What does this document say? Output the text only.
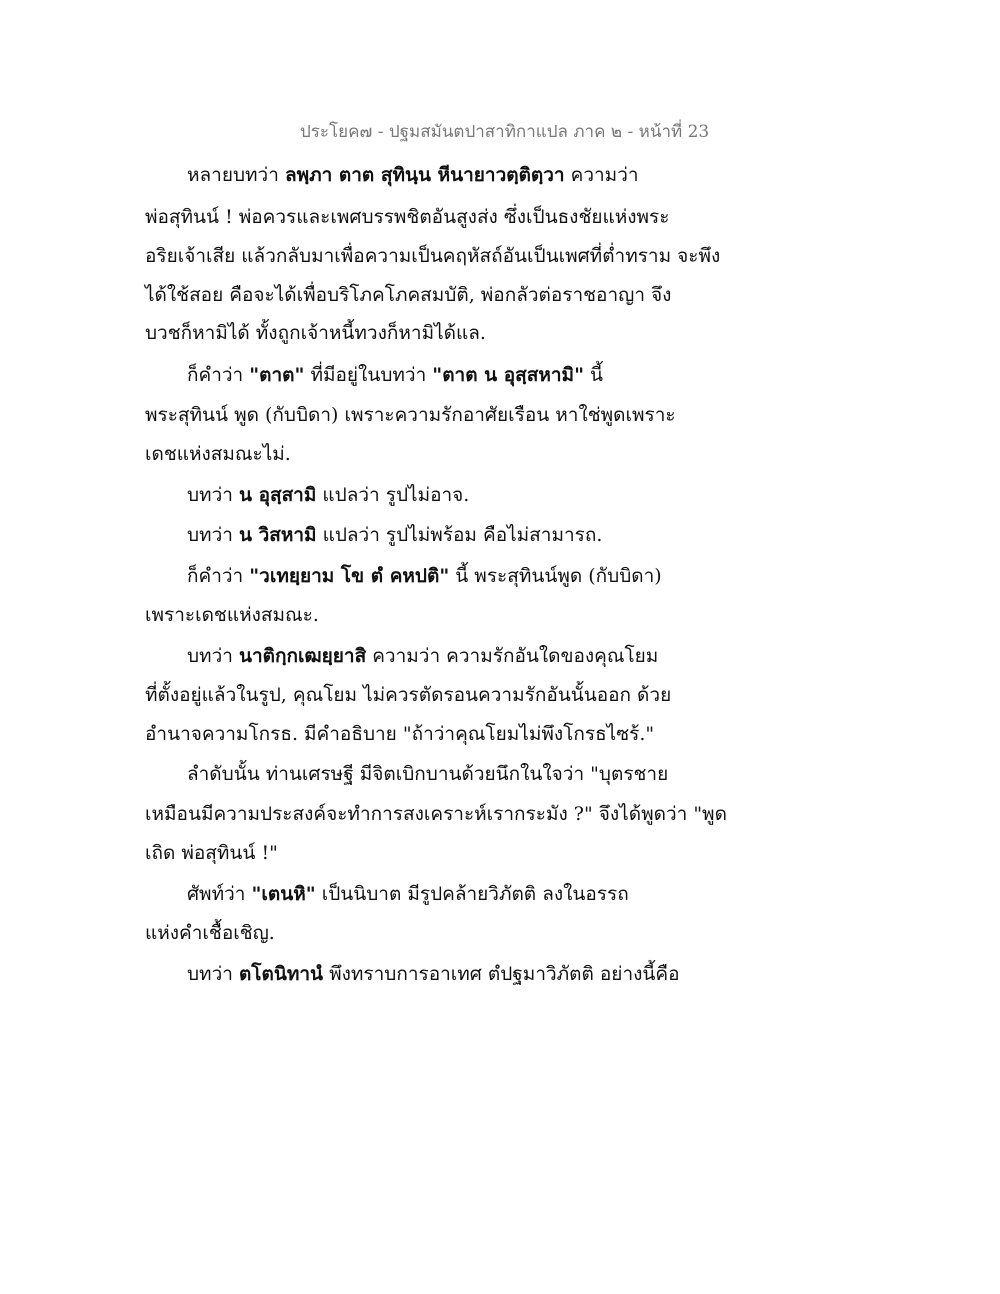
ประโยค๗ - ปฐมสมันตปาสาทิกาแปล ภาค ๒ - หน้าที่ 23
หลายบทว่า ลพฺภา ตาต สุทินฺน หีนายาวตฺติตฺวา ความว่า
พ่อสุทินน์ ! พ่อควรและเพศบรรพชิตอันสูงส่ง ซึ่งเป็นธงชัยแห่งพระ
อริยเจ้าเสีย แล้วกลับมาเพื่อความเป็นคฤหัสถ์อันเป็นเพศที่ต่ำทราม จะพึง
ได้ใช้สอย คือจะได้เพื่อบริโภคโภคสมบัติ, พ่อกลัวต่อราชอาญา จึง
บวชก็หามิได้ ทั้งถูกเจ้าหนี้ทวงก็หามิได้แล.
ก็คำว่า "ตาต" ที่มีอยู่ในบทว่า "ตาต น อุสฺสหามิ" นี้
พระสุทินน์ พูด (กับบิดา) เพราะความรักอาศัยเรือน หาใช่พูดเพราะ
เดชแห่งสมณะไม่.
บทว่า น อุสฺสามิ แปลว่า รูปไม่อาจ.
บทว่า น วิสหามิ แปลว่า รูปไม่พร้อม คือไม่สามารถ.
ก็คำว่า "วเทยฺยาม โข ตํ คหปติ" นี้ พระสุทินน์พูด (กับบิดา)
เพราะเดชแห่งสมณะ.
บทว่า นาติกฺกเฒยฺยาสิ ความว่า ความรักอันใดของคุณโยม
ที่ตั้งอยู่แล้วในรูป, คุณโยม ไม่ควรตัดรอนความรักอันนั้นออก ด้วย
อำนาจความโกรธ. มีคำอธิบาย "ถ้าว่าคุณโยมไม่พึงโกรธไซร้."
ลำดับนั้น ท่านเศรษฐี มีจิตเบิกบานด้วยนึกในใจว่า "บุตรชาย
เหมือนมีความประสงค์จะทำการสงเคราะห์เรากระมัง ?" จึงได้พูดว่า "พูด
เถิด พ่อสุทินน์ !"
ศัพท์ว่า "เตนหิ" เป็นนิบาต มีรูปคล้ายวิภัตติ ลงในอรรถ
แห่งคำเชื้อเชิญ.
บทว่า ตโตนิทานํ พึงทราบการอาเทศ ตํปฐมาวิภัตติ อย่างนี้คือ
